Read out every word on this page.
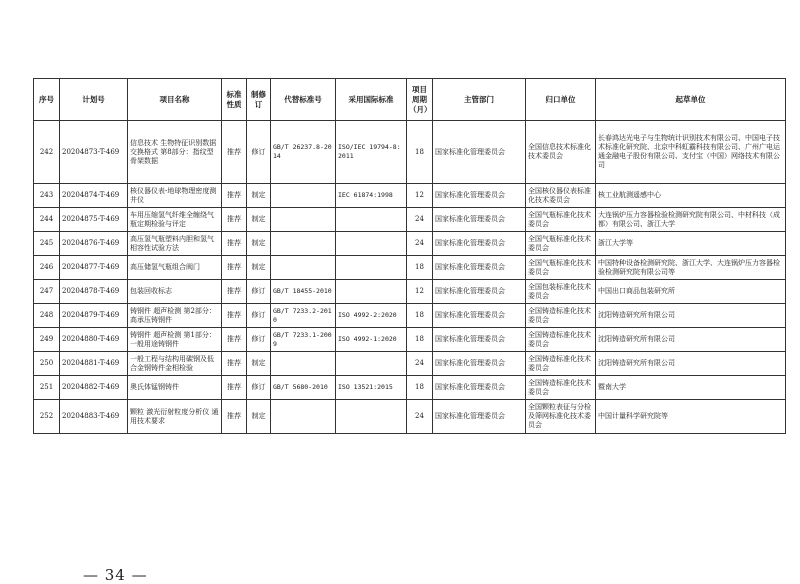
序号	计划号	项目名称	标准性质	制修订	代替标准号	采用国际标准	项目周期（月）	主管部门	归口单位	起草单位
242	20204873-T-469	信息技术 生物特征识别数据交换格式 第8部分：指纹型骨架数据	推荐	修订	GB/T 26237.8-2014	ISO/IEC 19794-8:2011	18	国家标准化管理委员会	全国信息技术标准化技术委员会	长春鸿达光电子与生物统计识别技术有限公司、中国电子技术标准化研究院、北京中科虹霸科技有限公司、广州广电运通金融电子股份有限公司、支付宝（中国）网络技术有限公司
243	20204874-T-469	核仪器仪表-地球物理密度测井仪	推荐	制定		IEC 61874:1998	12	国家标准化管理委员会	全国核仪器仪表标准化技术委员会	核工业航测遥感中心
244	20204875-T-469	车用压缩氢气纤维全缠绕气瓶定期检验与评定	推荐	制定			24	国家标准化管理委员会	全国气瓶标准化技术委员会	大连锅炉压力容器检验检测研究院有限公司、中材科技（成都）有限公司、浙江大学
245	20204876-T-469	高压氢气瓶塑料内胆和氢气相容性试验方法	推荐	制定			24	国家标准化管理委员会	全国气瓶标准化技术委员会	浙江大学等
246	20204877-T-469	高压储氢气瓶组合阀门	推荐	制定			18	国家标准化管理委员会	全国气瓶标准化技术委员会	中国特种设备检测研究院、浙江大学、大连锅炉压力容器检验检测研究院有限公司等
247	20204878-T-469	包装回收标志	推荐	修订	GB/T 18455-2010		12	国家标准化管理委员会	全国包装标准化技术委员会	中国出口商品包装研究所
248	20204879-T-469	铸钢件 超声检测 第2部分：高承压铸钢件	推荐	修订	GB/T 7233.2-2010	ISO 4992-2:2020	18	国家标准化管理委员会	全国铸造标准化技术委员会	沈阳铸造研究所有限公司
249	20204880-T-469	铸钢件 超声检测 第1部分：一般用途铸钢件	推荐	修订	GB/T 7233.1-2009	ISO 4992-1:2020	18	国家标准化管理委员会	全国铸造标准化技术委员会	沈阳铸造研究所有限公司
250	20204881-T-469	一般工程与结构用碳钢及低合金钢铸件金相检验	推荐	制定			24	国家标准化管理委员会	全国铸造标准化技术委员会	沈阳铸造研究所有限公司
251	20204882-T-469	奥氏体锰钢铸件	推荐	修订	GB/T 5680-2010	ISO 13521:2015	18	国家标准化管理委员会	全国铸造标准化技术委员会	暨南大学
252	20204883-T-469	颗粒 激光衍射粒度分析仪 通用技术要求	推荐	制定			24	国家标准化管理委员会	全国颗粒表征与分检及筛网标准化技术委员会	中国计量科学研究院等
— 34 —
